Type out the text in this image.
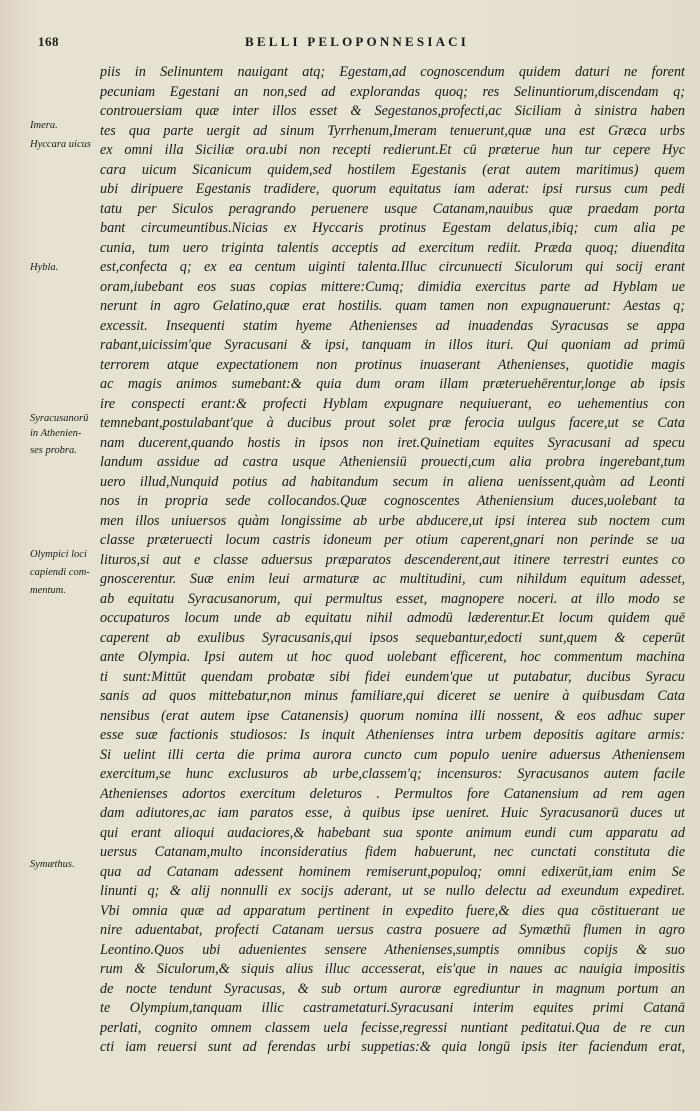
168	BELLI PELOPONNESIACI
piis in Selinuntem nauigant atq; Egestam,ad cognoscendum quidem daturi ne forent
pecuniam Egestani an non,sed ad explorandas quoq; res Selinuntiorum,discendam q;
controuersiam quæ inter illos esset & Segestanos,profecti,ac Siciliam à sinistra haben
tes qua parte uergit ad sinum Tyrrhenum,Imeram tenuerunt,quæ una est Græca urbs
ex omni illa Siciliæ ora.ubi non recepti redierunt.Et cū præterue hun tur cepere Hyc
cara uicum Sicanicum quidem,sed hostilem Egestanis (erat autem maritimus) quem
ubi diripuere Egestanis tradidere, quorum equitatus iam aderat: ipsi rursus cum pedi
tatu per Siculos peragrando peruenere usque Catanam,nauibus quæ praedam porta
bant circumeuntibus.Nicias ex Hyccaris protinus Egestam delatus,ibiq; cum alia pe
cunia, tum uero triginta talentis acceptis ad exercitum rediit. Præda quoq; diuendita
est,confecta q; ex ea centum uiginti talenta.Illuc circunuecti Siculorum qui socij erant
oram,iubebant eos suas copias mittere:Cumq; dimidia exercitus parte ad Hyblam ue
nerunt in agro Gelatino,quæ erat hostilis. quam tamen non expugnauerunt: Aestas q;
excessit. Insequenti statim hyeme Athenienses ad inuadendas Syracusas se appa
rabant,uicissim'que Syracusani & ipsi, tanquam in illos ituri. Qui quoniam ad primū
terrorem atque expectationem non protinus inuaserant Athenienses, quotidie magis
ac magis animos sumebant:& quia dum oram illam præteruehērentur,longe ab ipsis
ire conspecti erant:& profecti Hyblam expugnare nequiuerant, eo uehementius con
temnebant,postulabant'que à ducibus prout solet præ ferocia uulgus facere,ut se Cata
nam ducerent,quando hostis in ipsos non iret.Quinetiam equites Syracusani ad specu
landum assidue ad castra usque Atheniensiū prouecti,cum alia probra ingerebant,tum
uero illud,Nunquid potius ad habitandum secum in aliena uenissent,quàm ad Leonti
nos in propria sede collocandos.Quæ cognoscentes Atheniensium duces,uolebant ta
men illos uniuersos quàm longissime ab urbe abducere,ut ipsi interea sub noctem cum
classe præteruecti locum castris idoneum per otium caperent,gnari non perinde se ua
lituros,si aut e classe aduersus præparatos descenderent,aut itinere terrestri euntes co
gnoscerentur. Suæ enim leui armaturæ ac multitudini, cum nihildum equitum adesset,
ab equitatu Syracusanorum, qui permultus esset, magnopere noceri. at illo modo se
occupaturos locum unde ab equitatu nihil admodū læderentur.Et locum quidem quē
caperent ab exulibus Syracusanis,qui ipsos sequebantur,edocti sunt,quem & ceperūt
ante Olympia. Ipsi autem ut hoc quod uolebant efficerent, hoc commentum machina
ti sunt:Mittūt quendam probatæ sibi fidei eundem'que ut putabatur, ducibus Syracu
sanis ad quos mittebatur,non minus familiare,qui diceret se uenire à quibusdam Cata
nensibus (erat autem ipse Catanensis) quorum nomina illi nossent, & eos adhuc super
esse suæ factionis studiosos: Is inquit Athenienses intra urbem depositis agitare armis:
Si uelint illi certa die prima aurora cuncto cum populo uenire aduersus Atheniensem
exercitum,se hunc exclusuros ab urbe,classem'q; incensuros: Syracusanos autem facile
Athenienses adortos exercitum deleturos . Permultos fore Catanensium ad rem agen
dam adiutores,ac iam paratos esse, à quibus ipse ueniret. Huic Syracusanorū duces ut
qui erant alioqui audaciores,& habebant sua sponte animum eundi cum apparatu ad
uersus Catanam,multo inconsideratius fidem habuerunt, nec cunctati constituta die
qua ad Catanam adessent hominem remiserunt,populoq; omni edixerūt,iam enim Se
linunti q; & alij nonnulli ex socijs aderant, ut se nullo delectu ad exeundum expediret.
Vbi omnia quæ ad apparatum pertinent in expedito fuere,& dies qua cōstituerant ue
nire aduentabat, profecti Catanam uersus castra posuere ad Symæthū flumen in agro
Leontino.Quos ubi aduenientes sensere Athenienses,sumptis omnibus copijs & suo
rum & Siculorum,& siquis alius illuc accesserat, eis'que in naues ac nauigia impositis
de nocte tendunt Syracusas, & sub ortum auroræ egrediuntur in magnum portum an
te Olympium,tanquam illic castrametaturi.Syracusani interim equites primi Catanā
perlati, cognito omnem classem uela fecisse,regressi nuntiant peditatui.Qua de re cun
cti iam reuersi sunt ad ferendas urbi suppetias:& quia longū ipsis iter faciendum erat,
Imera.
Hyccara uicus
Hybla.
Syracusanorū
in Athenien-
ses probra.
Olympici loci
capiendi com-
mentum.
Symæthus.
